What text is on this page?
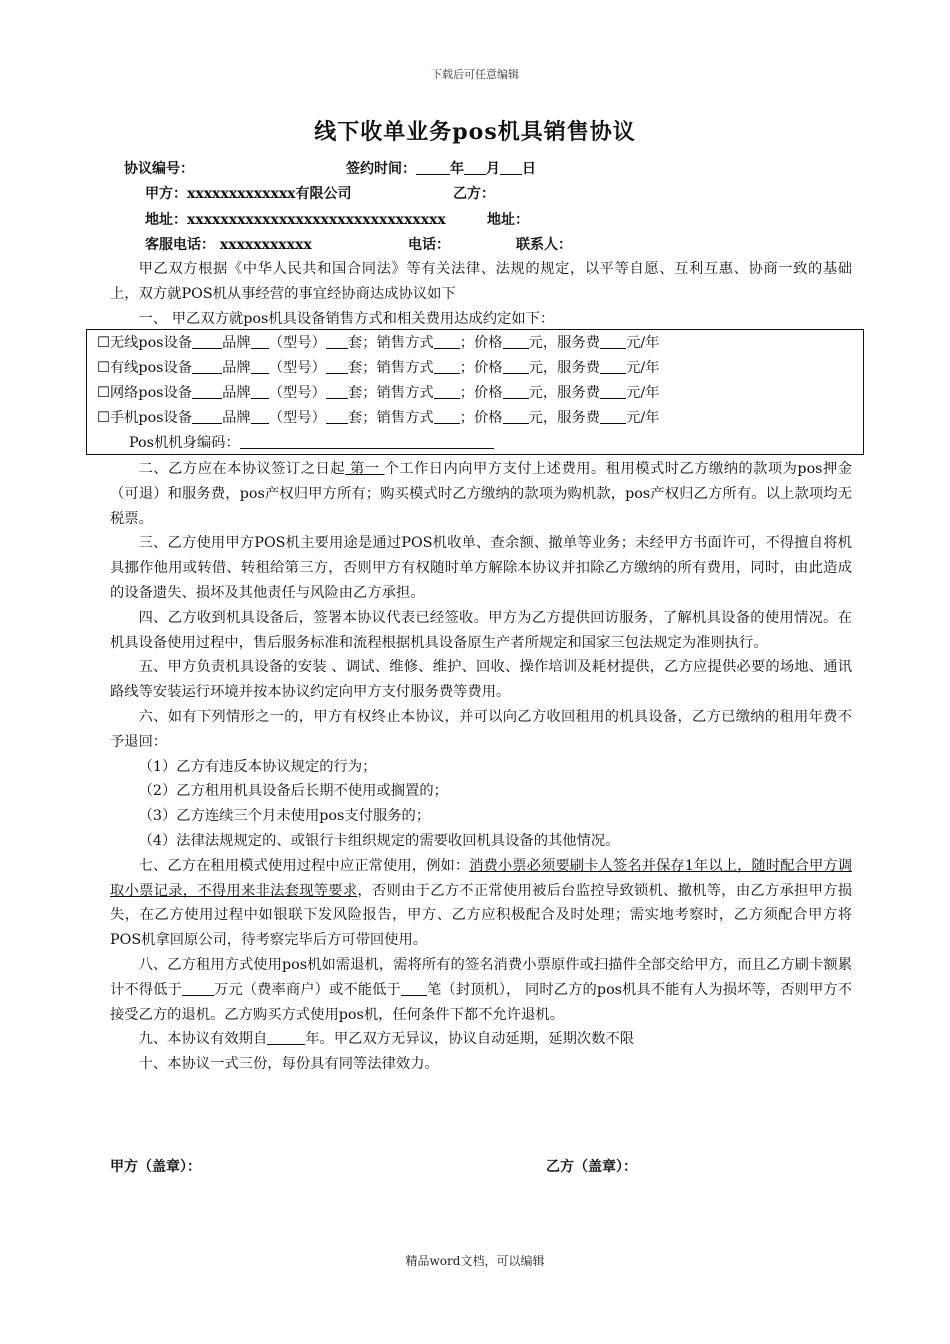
下载后可任意编辑
线下收单业务pos机具销售协议
协议编号：	签约时间： 年 月 日
甲方：xxxxxxxxxxxxx有限公司	乙方：
地址：xxxxxxxxxxxxxxxxxxxxxxxxxxxxxxx	地址：
客服电话： xxxxxxxxxxx	电话：	联系人：

甲乙双方根据《中华人民共和国合同法》等有关法律、法规的规定，以平等自愿、互利互惠、协商一致的基础上，双方就POS机从事经营的事宜经协商达成协议如下

一、 甲乙双方就pos机具设备销售方式和相关费用达成约定如下：

☐无线pos设备 品牌 （型号） 套；销售方式 ；价格 元，服务费 元/年
☐有线pos设备 品牌 （型号） 套；销售方式 ；价格 元，服务费 元/年
☐网络pos设备 品牌 （型号） 套；销售方式 ；价格 元，服务费 元/年
☐手机pos设备 品牌 （型号） 套；销售方式 ；价格 元，服务费 元/年
Pos机机身编码：

二、乙方应在本协议签订之日起 第一 个工作日内向甲方支付上述费用。租用模式时乙方缴纳的款项为pos押金（可退）和服务费，pos产权归甲方所有；购买模式时乙方缴纳的款项为购机款，pos产权归乙方所有。以上款项均无税票。

三、乙方使用甲方POS机主要用途是通过POS机收单、查余额、撤单等业务；未经甲方书面许可，不得擅自将机具挪作他用或转借、转租给第三方，否则甲方有权随时单方解除本协议并扣除乙方缴纳的所有费用，同时，由此造成的设备遗失、损坏及其他责任与风险由乙方承担。

四、乙方收到机具设备后，签署本协议代表已经签收。甲方为乙方提供回访服务，了解机具设备的使用情况。在机具设备使用过程中，售后服务标准和流程根据机具设备原生产者所规定和国家三包法规定为准则执行。

五、甲方负责机具设备的安装 、调试、维修、维护、回收、操作培训及耗材提供，乙方应提供必要的场地、通讯路线等安装运行环境并按本协议约定向甲方支付服务费等费用。

六、如有下列情形之一的，甲方有权终止本协议，并可以向乙方收回租用的机具设备，乙方已缴纳的租用年费不予退回：

（1）乙方有违反本协议规定的行为；

（2）乙方租用机具设备后长期不使用或搁置的；

（3）乙方连续三个月未使用pos支付服务的；

（4）法律法规规定的、或银行卡组织规定的需要收回机具设备的其他情况。

七、乙方在租用模式使用过程中应正常使用，例如：消费小票必须要刷卡人签名并保存1年以上，随时配合甲方调取小票记录，不得用来非法套现等要求，否则由于乙方不正常使用被后台监控导致锁机、撤机等，由乙方承担甲方损失，在乙方使用过程中如银联下发风险报告，甲方、乙方应积极配合及时处理；需实地考察时，乙方须配合甲方将POS机拿回原公司，待考察完毕后方可带回使用。

八、乙方租用方式使用pos机如需退机，需将所有的签名消费小票原件或扫描件全部交给甲方，而且乙方刷卡额累计不得低于 万元（费率商户）或不能低于 笔（封顶机）， 同时乙方的pos机具不能有人为损坏等，否则甲方不接受乙方的退机。乙方购买方式使用pos机，任何条件下都不允许退机。

九、本协议有效期自	年。甲乙双方无异议，协议自动延期，延期次数不限

十、本协议一式三份，每份具有同等法律效力。

甲方（盖章）：	乙方（盖章）：
精品word文档，可以编辑
